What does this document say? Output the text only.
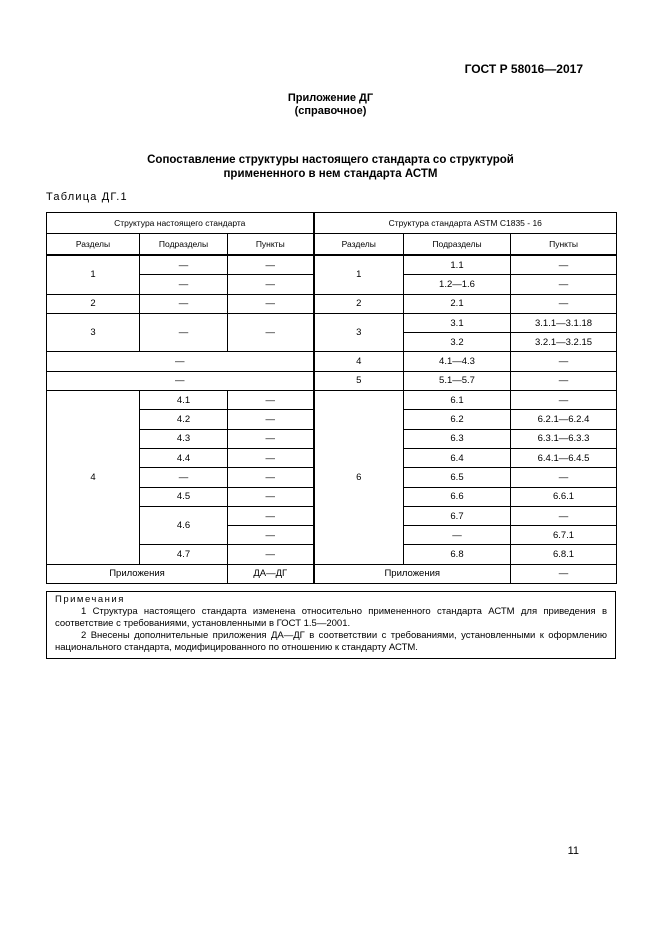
ГОСТ Р 58016—2017
Приложение ДГ
(справочное)
Сопоставление структуры настоящего стандарта со структурой
примененного в нем стандарта АСТМ
Таблица ДГ.1
Структура настоящего стандарта			Структура стандарта ASTM C1835 - 16		
Разделы	Подразделы	Пункты	Разделы	Подразделы	Пункты
1	—	—	1	1.1	—
	—	—		1.2—1.6	—
2	—	—	2	2.1	—
3	—	—	3	3.1	3.1.1—3.1.18
				3.2	3.2.1—3.2.15
—			4	4.1—4.3	—
—			5	5.1—5.7	—
4	4.1	—	6	6.1	—
	4.2	—		6.2	6.2.1—6.2.4
	4.3	—		6.3	6.3.1—6.3.3
	4.4	—		6.4	6.4.1—6.4.5
	—	—		6.5	—
	4.5	—		6.6	6.6.1
	4.6	—		6.7	—
		—		—	6.7.1
	4.7	—		6.8	6.8.1
Приложения		ДА—ДГ	Приложения		—
Примечания

1 Структура настоящего стандарта изменена относительно примененного стандарта АСТМ для приведения в соответствие с требованиями, установленными в ГОСТ 1.5—2001.

2 Внесены дополнительные приложения ДА—ДГ в соответствии с требованиями, установленными к оформлению национального стандарта, модифицированного по отношению к стандарту АСТМ.

11
